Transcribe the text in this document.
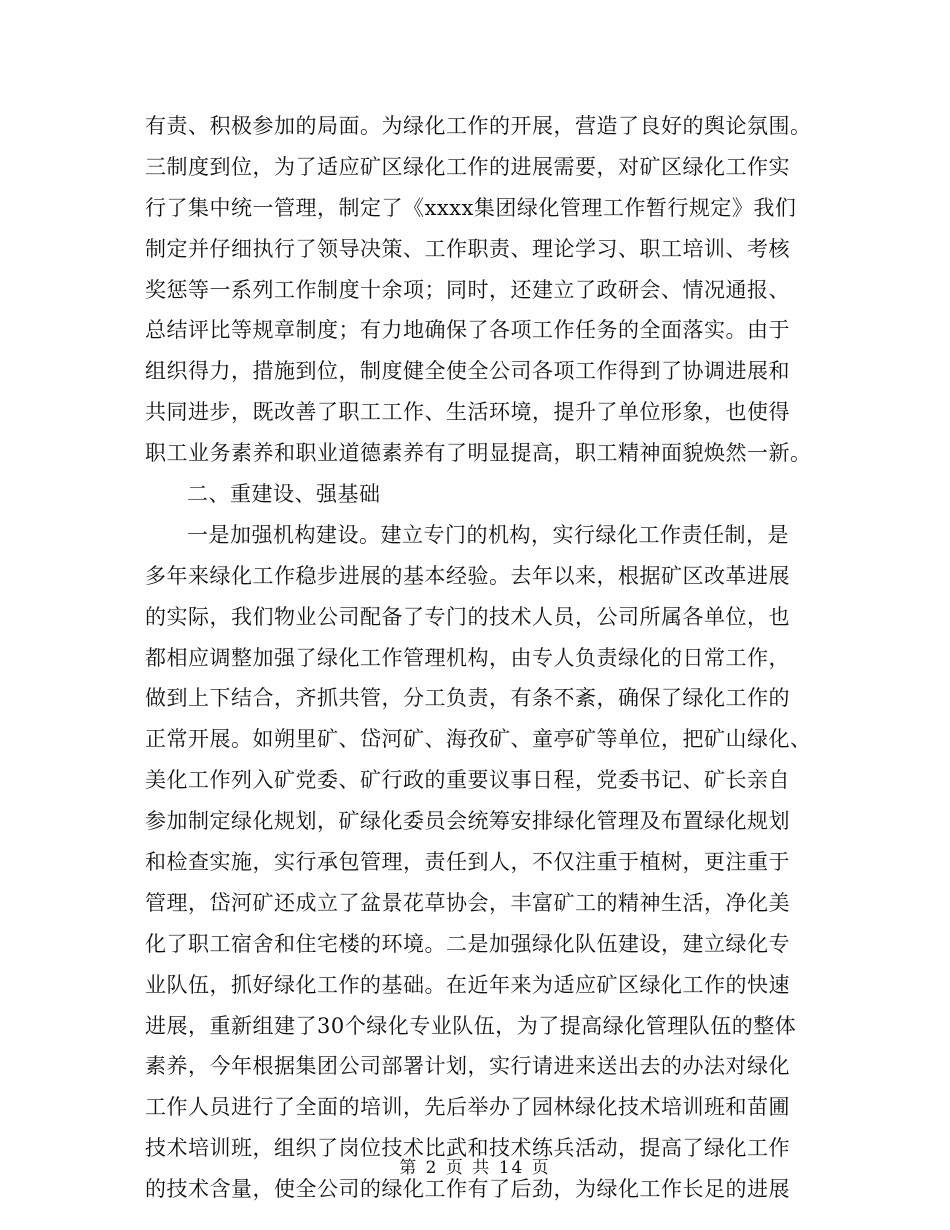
有责、积极参加的局面。为绿化工作的开展，营造了良好的舆论氛围。
三制度到位，为了适应矿区绿化工作的进展需要，对矿区绿化工作实
行了集中统一管理，制定了《xxxx集团绿化管理工作暂行规定》我们
制定并仔细执行了领导决策、工作职责、理论学习、职工培训、考核
奖惩等一系列工作制度十余项；同时，还建立了政研会、情况通报、
总结评比等规章制度；有力地确保了各项工作任务的全面落实。由于
组织得力，措施到位，制度健全使全公司各项工作得到了协调进展和
共同进步，既改善了职工工作、生活环境，提升了单位形象，也使得
职工业务素养和职业道德素养有了明显提高，职工精神面貌焕然一新。
二、重建设、强基础
一是加强机构建设。建立专门的机构，实行绿化工作责任制，是
多年来绿化工作稳步进展的基本经验。去年以来，根据矿区改革进展
的实际，我们物业公司配备了专门的技术人员，公司所属各单位，也
都相应调整加强了绿化工作管理机构，由专人负责绿化的日常工作，
做到上下结合，齐抓共管，分工负责，有条不紊，确保了绿化工作的
正常开展。如朔里矿、岱河矿、海孜矿、童亭矿等单位，把矿山绿化、
美化工作列入矿党委、矿行政的重要议事日程，党委书记、矿长亲自
参加制定绿化规划，矿绿化委员会统筹安排绿化管理及布置绿化规划
和检查实施，实行承包管理，责任到人，不仅注重于植树，更注重于
管理，岱河矿还成立了盆景花草协会，丰富矿工的精神生活，净化美
化了职工宿舍和住宅楼的环境。二是加强绿化队伍建设，建立绿化专
业队伍，抓好绿化工作的基础。在近年来为适应矿区绿化工作的快速
进展，重新组建了30个绿化专业队伍，为了提高绿化管理队伍的整体
素养，今年根据集团公司部署计划，实行请进来送出去的办法对绿化
工作人员进行了全面的培训，先后举办了园林绿化技术培训班和苗圃
技术培训班，组织了岗位技术比武和技术练兵活动，提高了绿化工作
的技术含量，使全公司的绿化工作有了后劲，为绿化工作长足的进展
第 2 页 共 14 页
